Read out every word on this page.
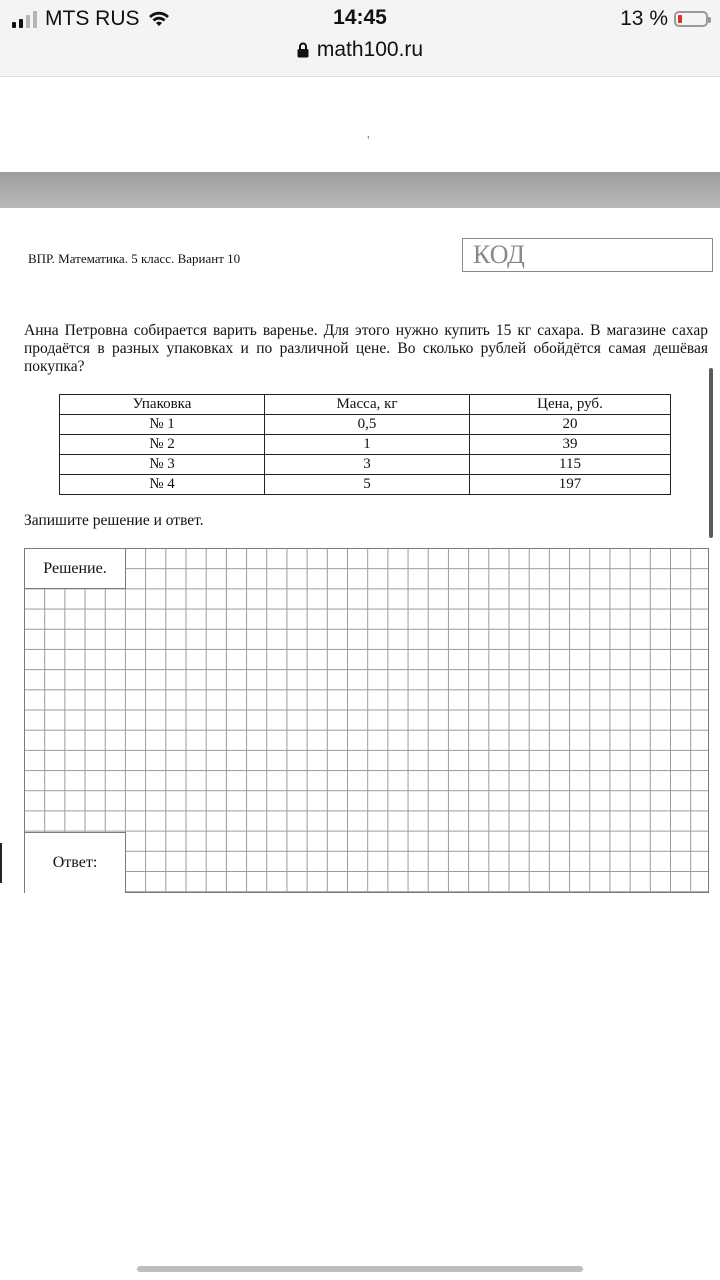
MTS RUS	14:45	13 %
math100.ru
˓
ВПР. Математика. 5 класс. Вариант 10	КОД
Анна Петровна собирается варить варенье. Для этого нужно купить 15 кг сахара. В магазине сахар продаётся в разных упаковках и по различной цене. Во сколько рублей обойдётся самая дешёвая покупка?
Упаковка	Масса, кг	Цена, руб.
№ 1	0,5	20
№ 2	1	39
№ 3	3	115
№ 4	5	197
Запишите решение и ответ.
Решение.
Ответ:
